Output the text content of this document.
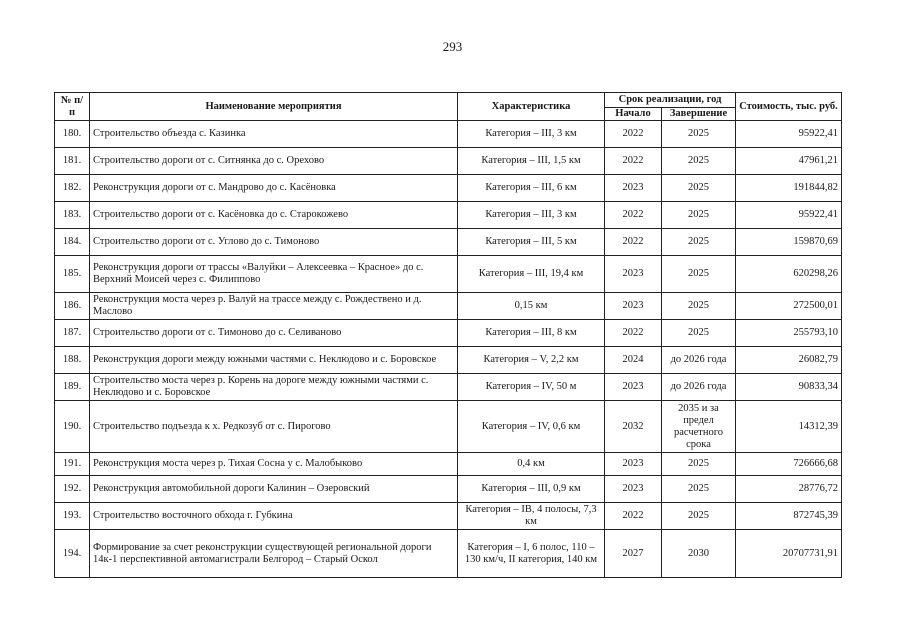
293
№ п/п	Наименование мероприятия	Характеристика	Срок реализации, год		Стоимость, тыс. руб.
			Начало	Завершение	
180.	Строительство объезда с. Казинка	Категория – III, 3 км	2022	2025	95922,41
181.	Строительство дороги от с. Ситнянка до с. Орехово	Категория – III, 1,5 км	2022	2025	47961,21
182.	Реконструкция дороги от с. Мандрово до с. Касёновка	Категория – III, 6 км	2023	2025	191844,82
183.	Строительство дороги от с. Касёновка до с. Старокожево	Категория – III, 3 км	2022	2025	95922,41
184.	Строительство дороги от с. Углово до с. Тимоново	Категория – III, 5 км	2022	2025	159870,69
185.	Реконструкция дороги от трассы «Валуйки – Алексеевка – Красное» до с. Верхний Моисей через с. Филиппово	Категория – III, 19,4 км	2023	2025	620298,26
186.	Реконструкция моста через р. Валуй на трассе между с. Рождествено и д. Маслово	0,15 км	2023	2025	272500,01
187.	Строительство дороги от с. Тимоново до с. Селиваново	Категория – III, 8 км	2022	2025	255793,10
188.	Реконструкция дороги между южными частями с. Неклюдово и с. Боровское	Категория – V, 2,2 км	2024	до 2026 года	26082,79
189.	Строительство моста через р. Корень на дороге между южными частями с. Неклюдово и с. Боровское	Категория – IV, 50 м	2023	до 2026 года	90833,34
190.	Строительство подъезда к х. Редкозуб от с. Пирогово	Категория – IV, 0,6 км	2032	2035 и за предел расчетного срока	14312,39
191.	Реконструкция моста через р. Тихая Сосна у с. Малобыково	0,4 км	2023	2025	726666,68
192.	Реконструкция автомобильной дороги Калинин – Озеровский	Категория – III, 0,9 км	2023	2025	28776,72
193.	Строительство восточного обхода г. Губкина	Категория – IB, 4 полосы, 7,3 км	2022	2025	872745,39
194.	Формирование за счет реконструкции существующей региональной дороги 14к-1 перспективной автомагистрали Белгород – Старый Оскол	Категория – I, 6 полос, 110 – 130 км/ч, II категория, 140 км	2027	2030	20707731,91
